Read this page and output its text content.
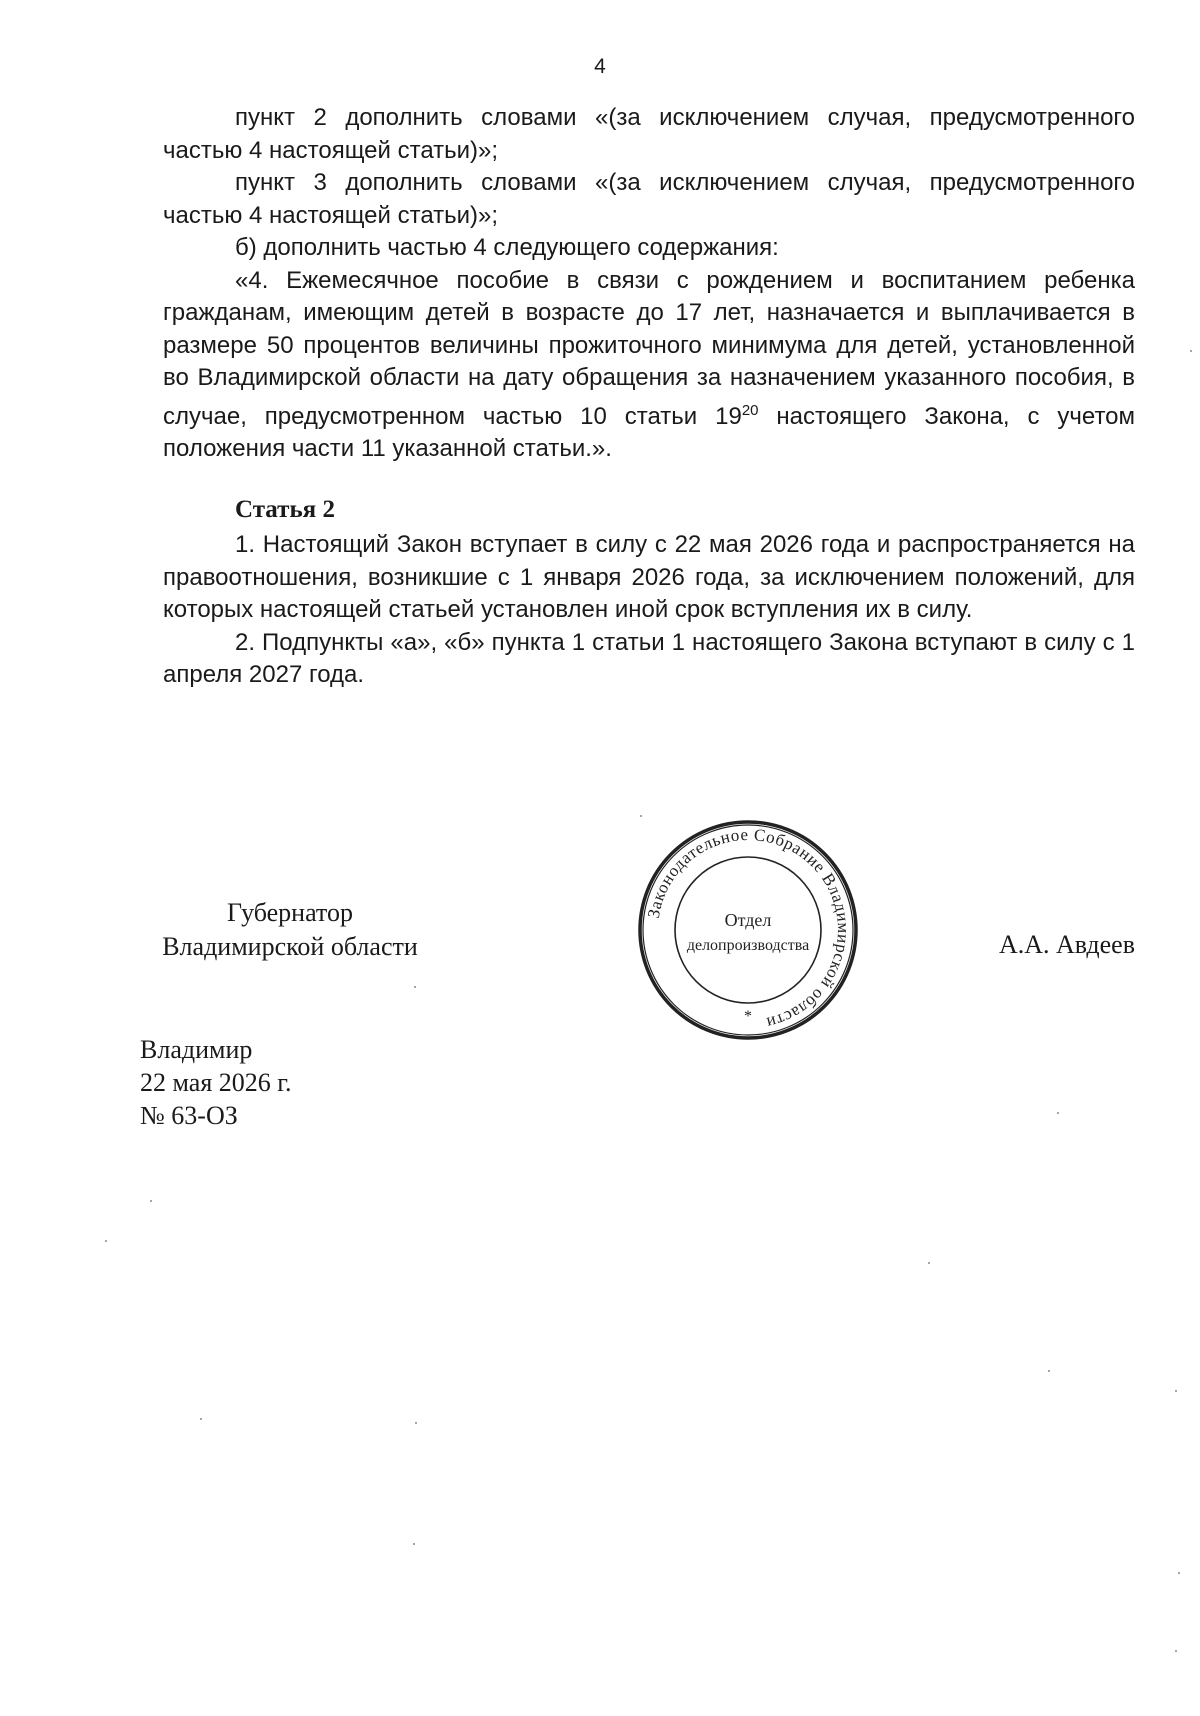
4

пункт 2 дополнить словами «(за исключением случая, предусмотренного частью 4 настоящей статьи)»;

пункт 3 дополнить словами «(за исключением случая, предусмотренного частью 4 настоящей статьи)»;

б) дополнить частью 4 следующего содержания:

«4. Ежемесячное пособие в связи с рождением и воспитанием ребенка гражданам, имеющим детей в возрасте до 17 лет, назначается и выплачивается в размере 50 процентов величины прожиточного минимума для детей, установленной во Владимирской области на дату обращения за назначением указанного пособия, в случае, предусмотренном частью 10 статьи $19^{20}$ настоящего Закона, с учетом положения части 11 указанной статьи.».

Статья 2

1. Настоящий Закон вступает в силу с 22 мая 2026 года и распространяется на правоотношения, возникшие с 1 января 2026 года, за исключением положений, для которых настоящей статьей установлен иной срок вступления их в силу.

2. Подпункты «а», «б» пункта 1 статьи 1 настоящего Закона вступают в силу с 1 апреля 2027 года.

Губернатор
Владимирской области	А.А. Авдеев
Законодательное Собрание Владимирской области
Отдел
делопроизводства
*
Владимир
22 мая 2026 г.
№ 63-ОЗ
